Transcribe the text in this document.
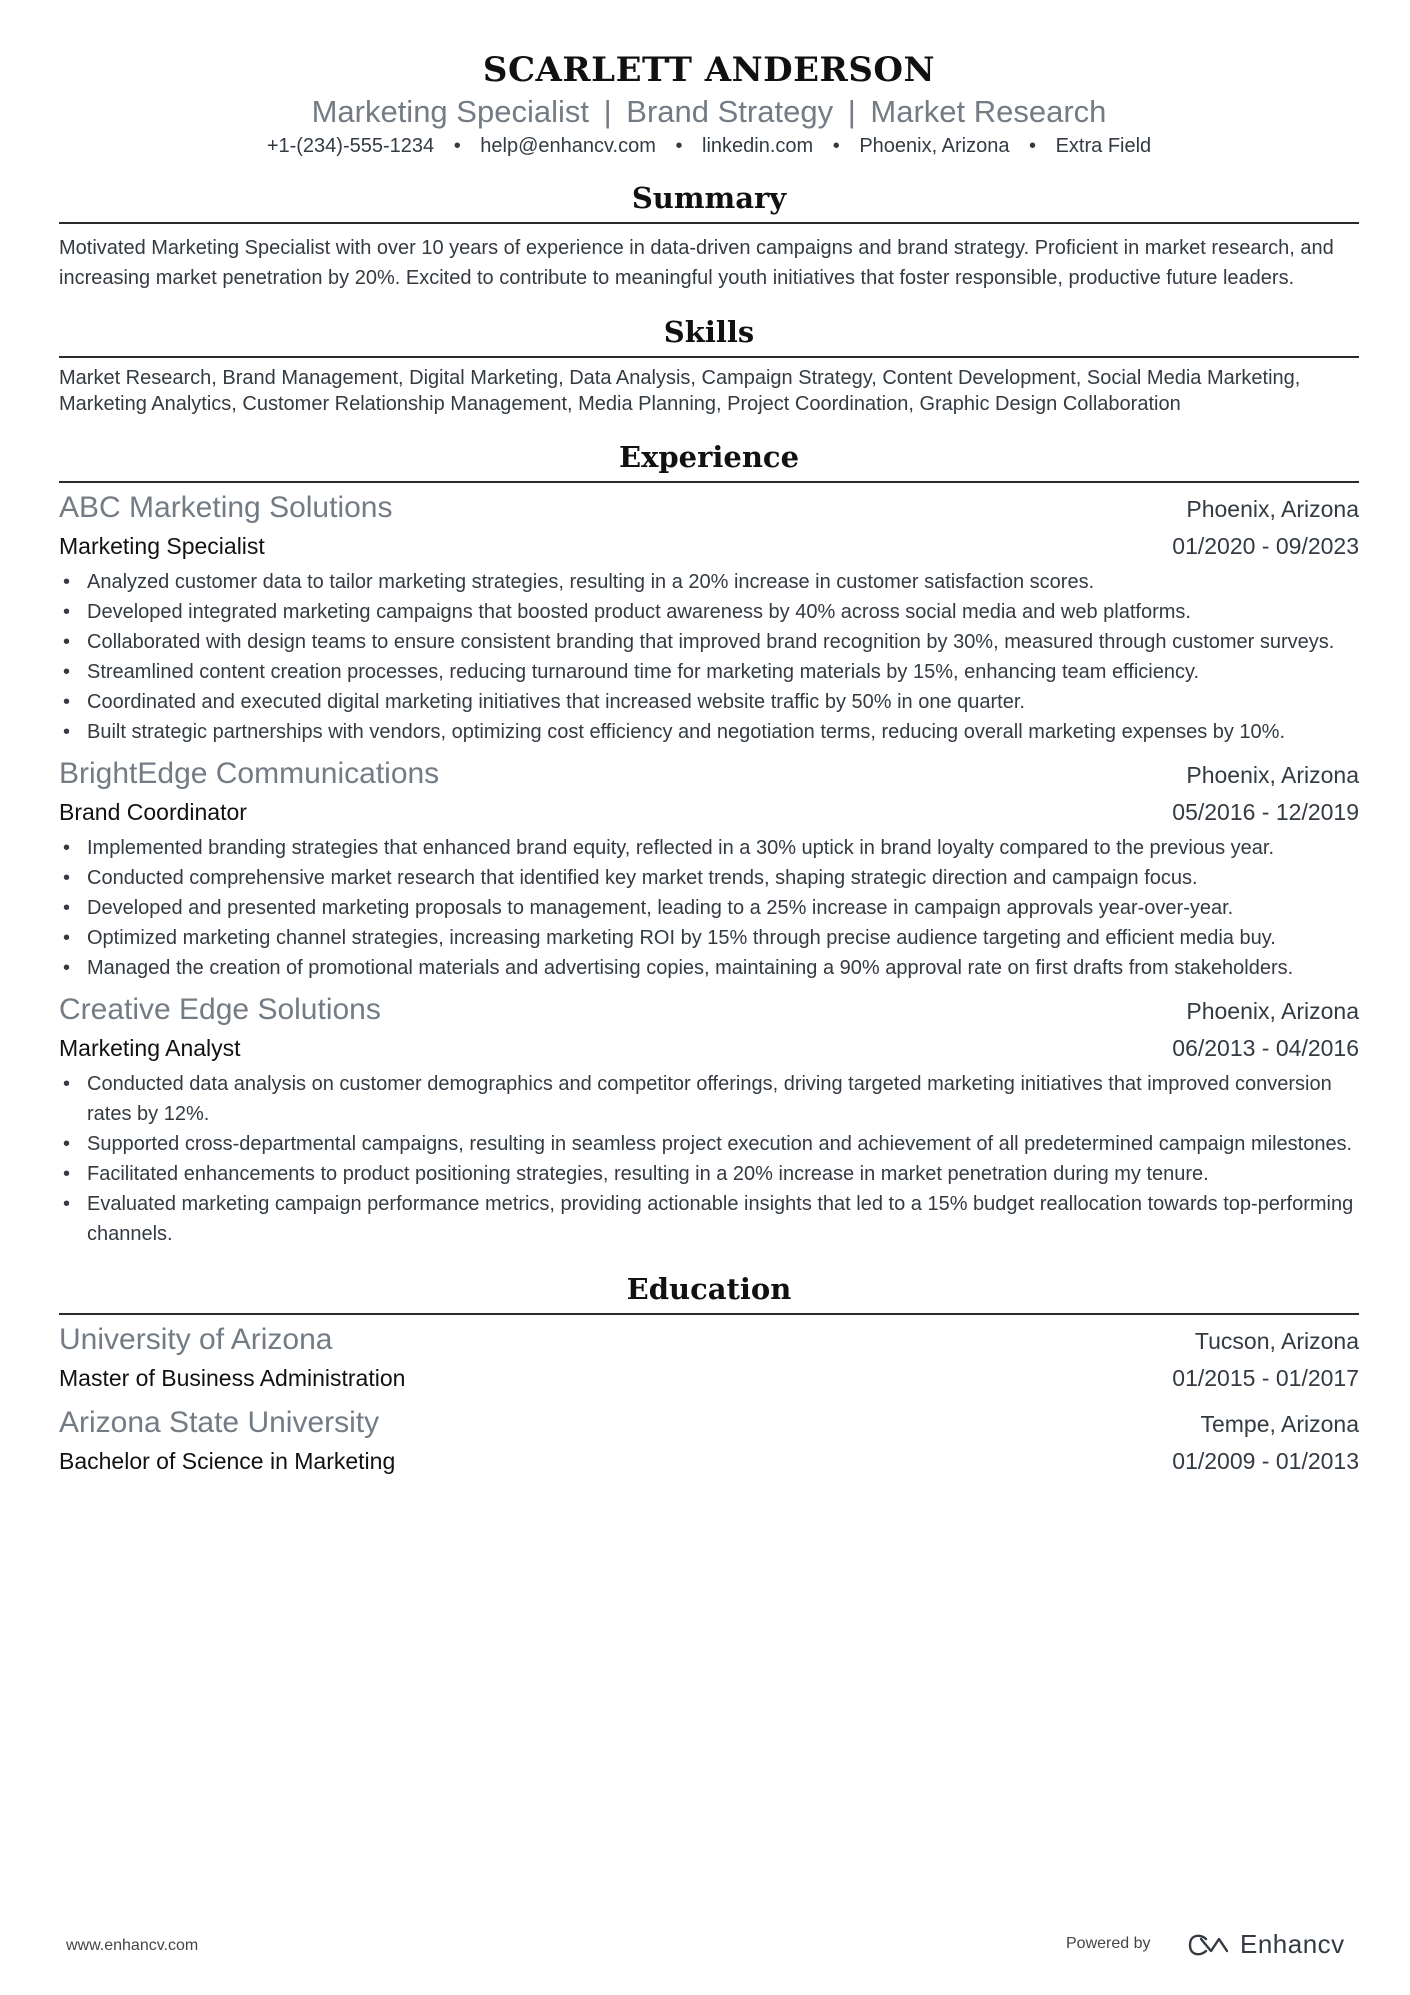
SCARLETT ANDERSON
Marketing Specialist | Brand Strategy | Market Research
+1-(234)-555-1234 • help@enhancv.com • linkedin.com • Phoenix, Arizona • Extra Field
Summary
Motivated Marketing Specialist with over 10 years of experience in data-driven campaigns and brand strategy. Proficient in market research, and increasing market penetration by 20%. Excited to contribute to meaningful youth initiatives that foster responsible, productive future leaders.
Skills
Market Research, Brand Management, Digital Marketing, Data Analysis, Campaign Strategy, Content Development, Social Media Marketing, Marketing Analytics, Customer Relationship Management, Media Planning, Project Coordination, Graphic Design Collaboration
Experience
ABC Marketing Solutions	Phoenix, Arizona
Marketing Specialist	01/2020 - 09/2023
• Analyzed customer data to tailor marketing strategies, resulting in a 20% increase in customer satisfaction scores.
• Developed integrated marketing campaigns that boosted product awareness by 40% across social media and web platforms.
• Collaborated with design teams to ensure consistent branding that improved brand recognition by 30%, measured through customer surveys.
• Streamlined content creation processes, reducing turnaround time for marketing materials by 15%, enhancing team efficiency.
• Coordinated and executed digital marketing initiatives that increased website traffic by 50% in one quarter.
• Built strategic partnerships with vendors, optimizing cost efficiency and negotiation terms, reducing overall marketing expenses by 10%.
BrightEdge Communications	Phoenix, Arizona
Brand Coordinator	05/2016 - 12/2019
• Implemented branding strategies that enhanced brand equity, reflected in a 30% uptick in brand loyalty compared to the previous year.
• Conducted comprehensive market research that identified key market trends, shaping strategic direction and campaign focus.
• Developed and presented marketing proposals to management, leading to a 25% increase in campaign approvals year-over-year.
• Optimized marketing channel strategies, increasing marketing ROI by 15% through precise audience targeting and efficient media buy.
• Managed the creation of promotional materials and advertising copies, maintaining a 90% approval rate on first drafts from stakeholders.
Creative Edge Solutions	Phoenix, Arizona
Marketing Analyst	06/2013 - 04/2016
• Conducted data analysis on customer demographics and competitor offerings, driving targeted marketing initiatives that improved conversion rates by 12%.
• Supported cross-departmental campaigns, resulting in seamless project execution and achievement of all predetermined campaign milestones.
• Facilitated enhancements to product positioning strategies, resulting in a 20% increase in market penetration during my tenure.
• Evaluated marketing campaign performance metrics, providing actionable insights that led to a 15% budget reallocation towards top-performing channels.
Education
University of Arizona	Tucson, Arizona
Master of Business Administration	01/2015 - 01/2017
Arizona State University	Tempe, Arizona
Bachelor of Science in Marketing	01/2009 - 01/2013
www.enhancv.com	Powered by	Enhancv
